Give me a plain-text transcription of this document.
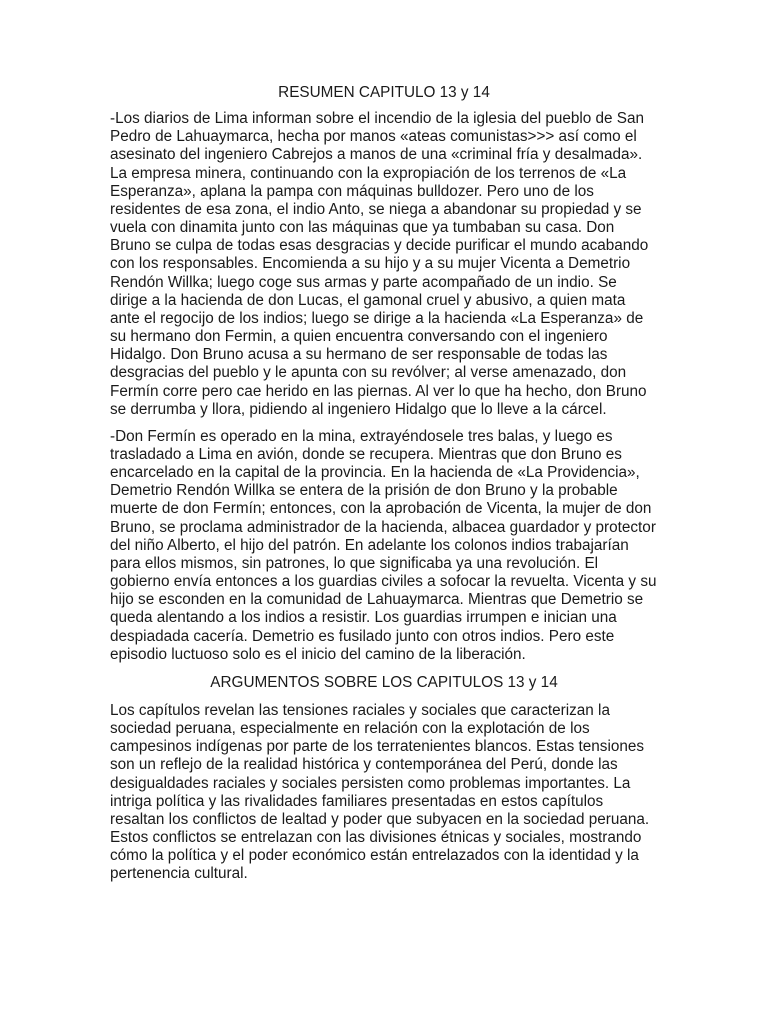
RESUMEN CAPITULO 13 y 14

-Los diarios de Lima informan sobre el incendio de la iglesia del pueblo de San Pedro de Lahuaymarca, hecha por manos «ateas comunistas>>> así como el asesinato del ingeniero Cabrejos a manos de una «criminal fría y desalmada». La empresa minera, continuando con la expropiación de los terrenos de «La Esperanza», aplana la pampa con máquinas bulldozer. Pero uno de los residentes de esa zona, el indio Anto, se niega a abandonar su propiedad y se vuela con dinamita junto con las máquinas que ya tumbaban su casa. Don Bruno se culpa de todas esas desgracias y decide purificar el mundo acabando con los responsables. Encomienda a su hijo y a su mujer Vicenta a Demetrio Rendón Willka; luego coge sus armas y parte acompañado de un indio. Se dirige a la hacienda de don Lucas, el gamonal cruel y abusivo, a quien mata ante el regocijo de los indios; luego se dirige a la hacienda «La Esperanza» de su hermano don Fermin, a quien encuentra conversando con el ingeniero Hidalgo. Don Bruno acusa a su hermano de ser responsable de todas las desgracias del pueblo y le apunta con su revólver; al verse amenazado, don Fermín corre pero cae herido en las piernas. Al ver lo que ha hecho, don Bruno se derrumba y llora, pidiendo al ingeniero Hidalgo que lo lleve a la cárcel.

-Don Fermín es operado en la mina, extrayéndosele tres balas, y luego es trasladado a Lima en avión, donde se recupera. Mientras que don Bruno es encarcelado en la capital de la provincia. En la hacienda de «La Providencia», Demetrio Rendón Willka se entera de la prisión de don Bruno y la probable muerte de don Fermín; entonces, con la aprobación de Vicenta, la mujer de don Bruno, se proclama administrador de la hacienda, albacea guardador y protector del niño Alberto, el hijo del patrón. En adelante los colonos indios trabajarían para ellos mismos, sin patrones, lo que significaba ya una revolución. El gobierno envía entonces a los guardias civiles a sofocar la revuelta. Vicenta y su hijo se esconden en la comunidad de Lahuaymarca. Mientras que Demetrio se queda alentando a los indios a resistir. Los guardias irrumpen e inician una despiadada cacería. Demetrio es fusilado junto con otros indios. Pero este episodio luctuoso solo es el inicio del camino de la liberación.

ARGUMENTOS SOBRE LOS CAPITULOS 13 y 14

Los capítulos revelan las tensiones raciales y sociales que caracterizan la sociedad peruana, especialmente en relación con la explotación de los campesinos indígenas por parte de los terratenientes blancos. Estas tensiones son un reflejo de la realidad histórica y contemporánea del Perú, donde las desigualdades raciales y sociales persisten como problemas importantes. La intriga política y las rivalidades familiares presentadas en estos capítulos resaltan los conflictos de lealtad y poder que subyacen en la sociedad peruana. Estos conflictos se entrelazan con las divisiones étnicas y sociales, mostrando cómo la política y el poder económico están entrelazados con la identidad y la pertenencia cultural.
